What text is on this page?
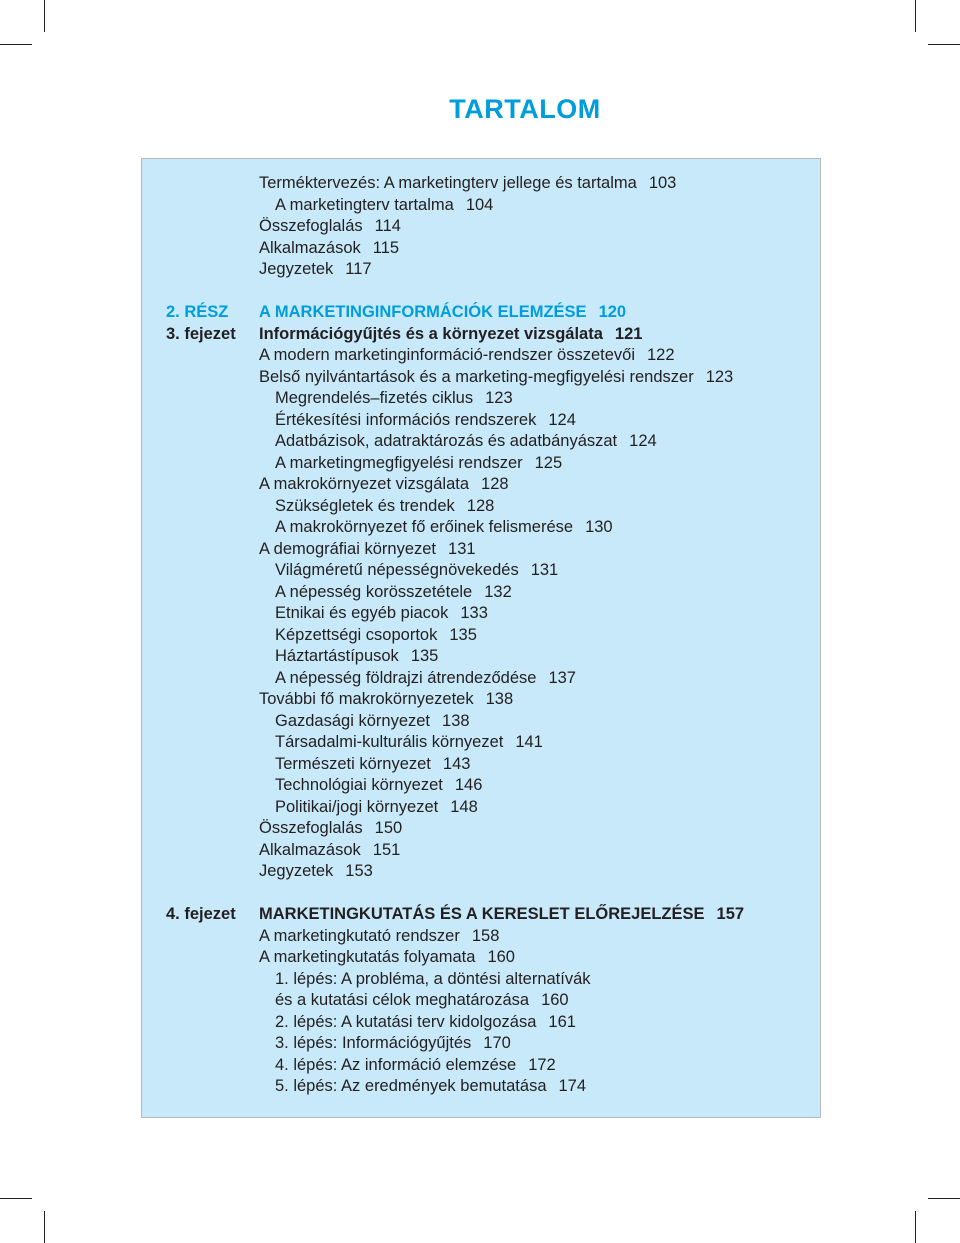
TARTALOM
Terméktervezés: A marketingterv jellege és tartalma 103
A marketingterv tartalma 104
Összefoglalás 114
Alkalmazások 115
Jegyzetek 117
2. RÉSZ A MARKETINGINFORMÁCIÓK ELEMZÉSE 120
3. fejezet Információgyűjtés és a környezet vizsgálata 121
A modern marketinginformáció-rendszer összetevői 122
Belső nyilvántartások és a marketing-megfigyelési rendszer 123
Megrendelés–fizetés ciklus 123
Értékesítési információs rendszerek 124
Adatbázisok, adatraktározás és adatbányászat 124
A marketingmegfigyelési rendszer 125
A makrokörnyezet vizsgálata 128
Szükségletek és trendek 128
A makrokörnyezet fő erőinek felismerése 130
A demográfiai környezet 131
Világméretű népességnövekedés 131
A népesség korösszetétele 132
Etnikai és egyéb piacok 133
Képzettségi csoportok 135
Háztartástípusok 135
A népesség földrajzi átrendeződése 137
További fő makrokörnyezetek 138
Gazdasági környezet 138
Társadalmi-kulturális környezet 141
Természeti környezet 143
Technológiai környezet 146
Politikai/jogi környezet 148
Összefoglalás 150
Alkalmazások 151
Jegyzetek 153
4. fejezet MARKETINGKUTATÁS ÉS A KERESLET ELŐREJELZÉSE 157
A marketingkutató rendszer 158
A marketingkutatás folyamata 160
1. lépés: A probléma, a döntési alternatívák
és a kutatási célok meghatározása 160
2. lépés: A kutatási terv kidolgozása 161
3. lépés: Információgyűjtés 170
4. lépés: Az információ elemzése 172
5. lépés: Az eredmények bemutatása 174
